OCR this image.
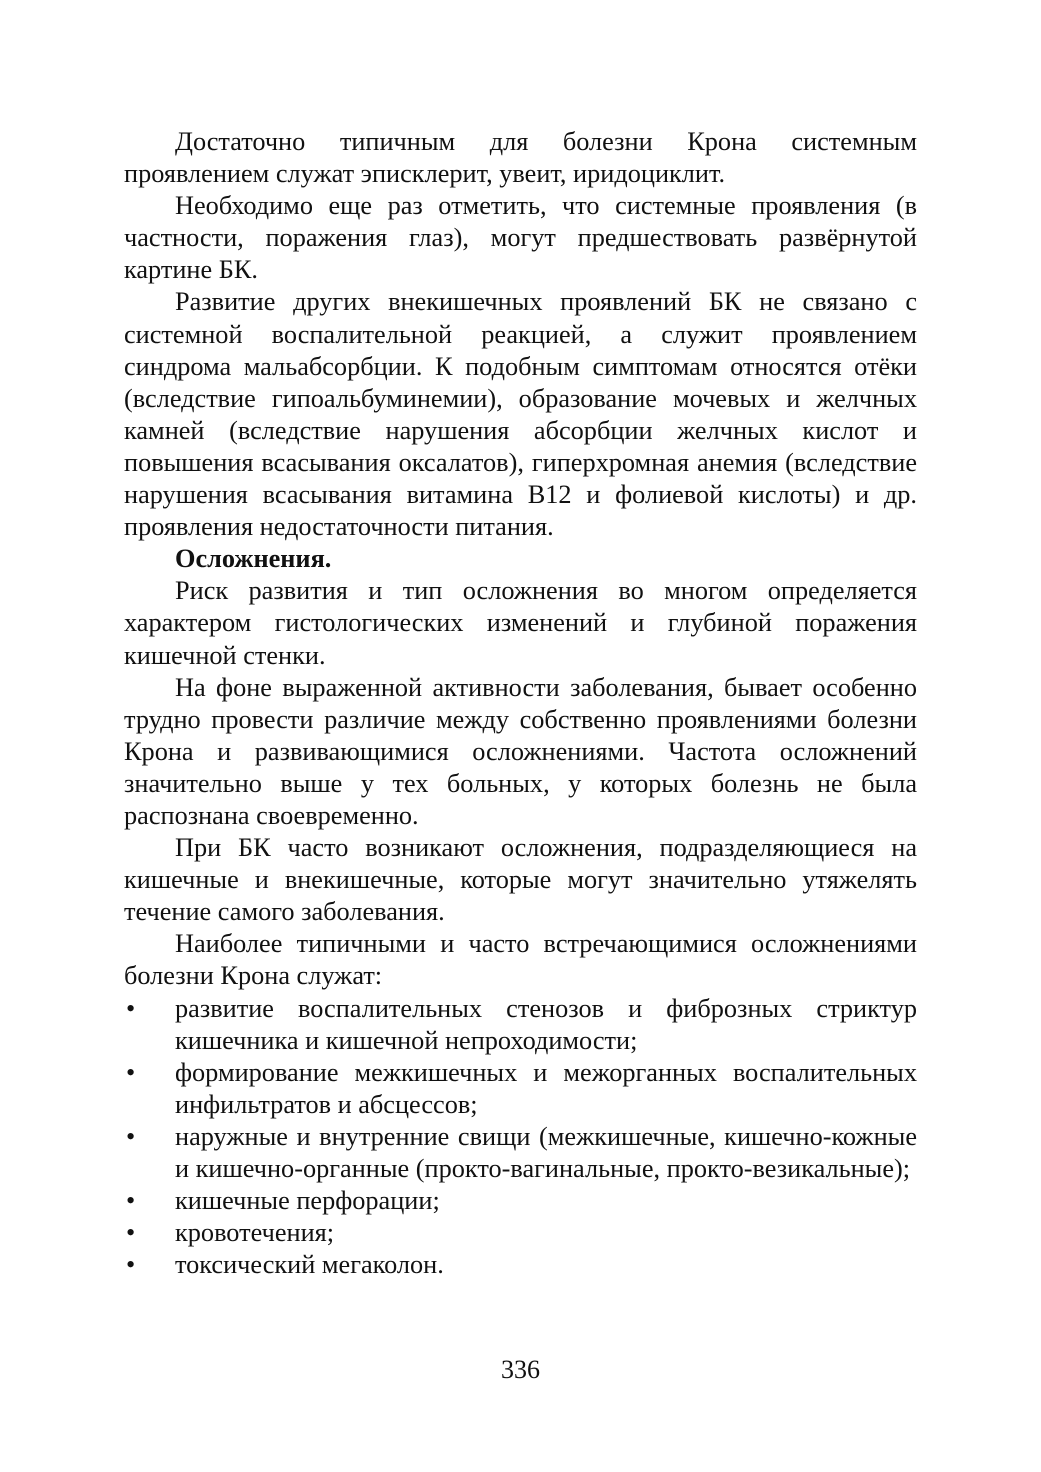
Достаточно типичным для болезни Крона системным проявлением служат эписклерит, увеит, иридоциклит.

Необходимо еще раз отметить, что системные проявления (в частности, поражения глаз), могут предшествовать развёрнутой картине БК.

Развитие других внекишечных проявлений БК не связано с системной воспалительной реакцией, а служит проявлением синдрома мальабсорбции. К подобным симптомам относятся отёки (вследствие гипоальбуминемии), образование мочевых и желчных камней (вследствие нарушения абсорбции желчных кислот и повышения всасывания оксалатов), гиперхромная анемия (вследствие нарушения всасывания витамина В12 и фолиевой кислоты) и др. проявления недостаточности питания.

Осложнения.

Риск развития и тип осложнения во многом определяется характером гистологических изменений и глубиной поражения кишечной стенки.

На фоне выраженной активности заболевания, бывает особенно трудно провести различие между собственно проявлениями болезни Крона и развивающимися осложнениями. Частота осложнений значительно выше у тех больных, у которых болезнь не была распознана своевременно.

При БК часто возникают осложнения, подразделяющиеся на кишечные и внекишечные, которые могут значительно утяжелять течение самого заболевания.

Наиболее типичными и часто встречающимися осложнениями болезни Крона служат:

• развитие воспалительных стенозов и фиброзных стриктур кишечника и кишечной непроходимости;
• формирование межкишечных и межорганных воспалительных инфильтратов и абсцессов;
• наружные и внутренние свищи (межкишечные, кишечно-кожные и кишечно-органные (прокто-вагинальные, прокто-везикальные);
• кишечные перфорации;
• кровотечения;
• токсический мегаколон.
336
